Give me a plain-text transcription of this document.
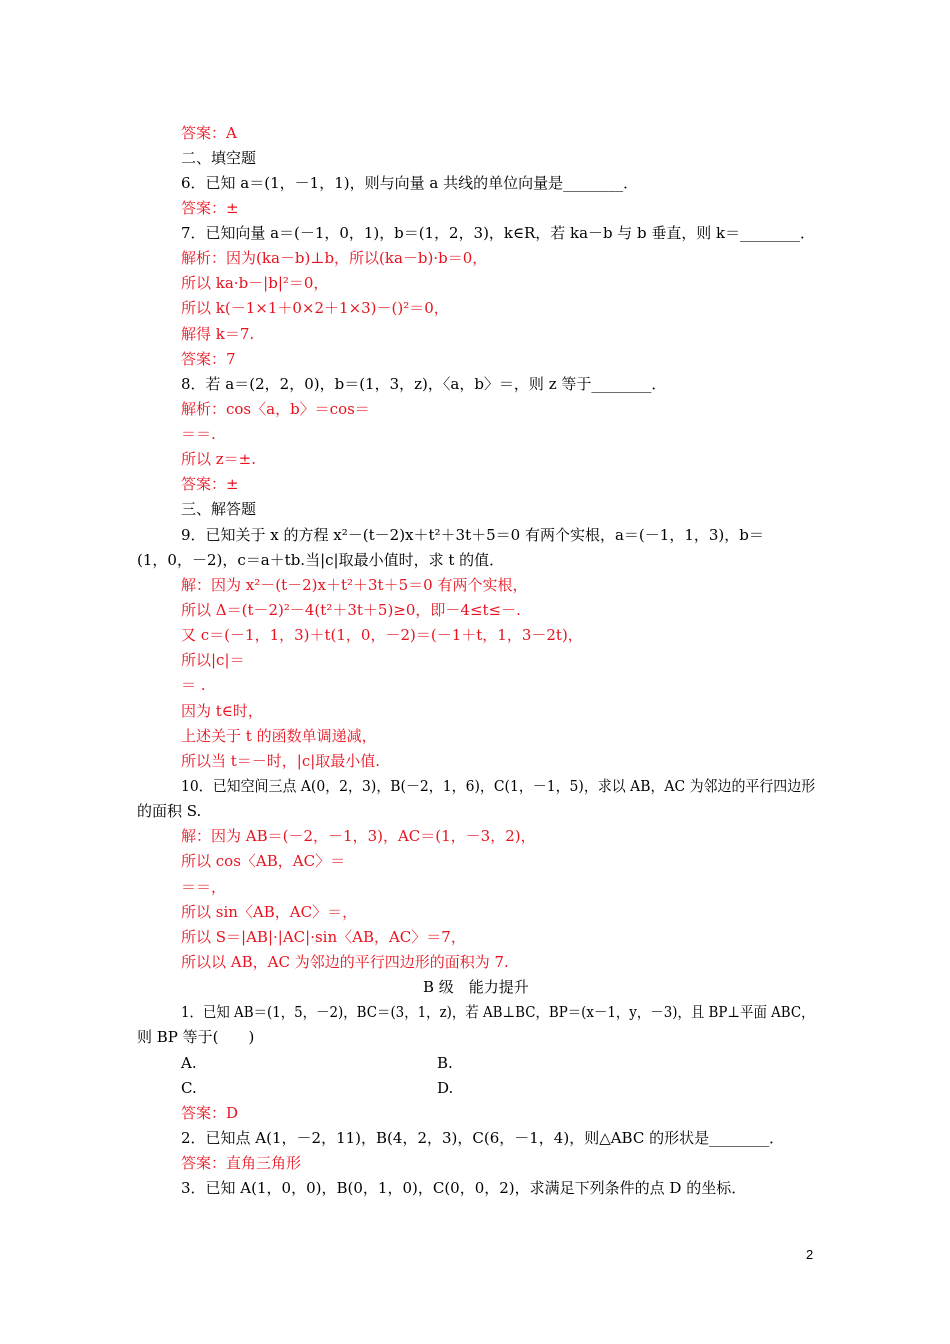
答案：A
二、填空题
6．已知 a＝(1，－1，1)，则与向量 a 共线的单位向量是________．
答案：±
7．已知向量 a＝(－1，0，1)，b＝(1，2，3)，k∈R，若 ka－b 与 b 垂直，则 k＝________．
解析：因为(ka－b)⊥b，所以(ka－b)·b＝0，
所以 ka·b－|b|²＝0，
所以 k(－1×1＋0×2＋1×3)－()²＝0，
解得 k＝7.
答案：7
8．若 a＝(2，2，0)，b＝(1，3，z)，〈a，b〉＝，则 z 等于________．
解析：cos〈a，b〉＝cos＝
＝＝.
所以 z＝±.
答案：±
三、解答题
9．已知关于 x 的方程 x²－(t－2)x＋t²＋3t＋5＝0 有两个实根，a＝(－1，1，3)，b＝
(1，0，－2)，c＝a＋tb.当|c|取最小值时，求 t 的值．
解：因为 x²－(t－2)x＋t²＋3t＋5＝0 有两个实根，
所以 Δ＝(t－2)²－4(t²＋3t＋5)≥0，即－4≤t≤－.
又 c＝(－1，1，3)＋t(1，0，－2)＝(－1＋t，1，3－2t)，
所以|c|＝
＝ .
因为 t∈时，
上述关于 t 的函数单调递减，
所以当 t＝－时，|c|取最小值.
10．已知空间三点 A(0，2，3)，B(－2，1，6)，C(1，－1，5)，求以 AB，AC 为邻边的平行四边形
的面积 S.
解：因为 AB＝(－2，－1，3)，AC＝(1，－3，2)，
所以 cos〈AB，AC〉＝
＝＝，
所以 sin〈AB，AC〉＝，
所以 S＝|AB|·|AC|·sin〈AB，AC〉＝7，
所以以 AB，AC 为邻边的平行四边形的面积为 7.
B 级　能力提升
1．已知 AB＝(1，5，－2)，BC＝(3，1，z)，若 AB⊥BC，BP＝(x－1，y，－3)，且 BP⊥平面 ABC，
则 BP 等于(　　)
A.	B.
C.	D.
答案：D
2．已知点 A(1，－2，11)，B(4，2，3)，C(6，－1，4)，则△ABC 的形状是________．
答案：直角三角形
3．已知 A(1，0，0)，B(0，1，0)，C(0，0，2)，求满足下列条件的点 D 的坐标．
2
